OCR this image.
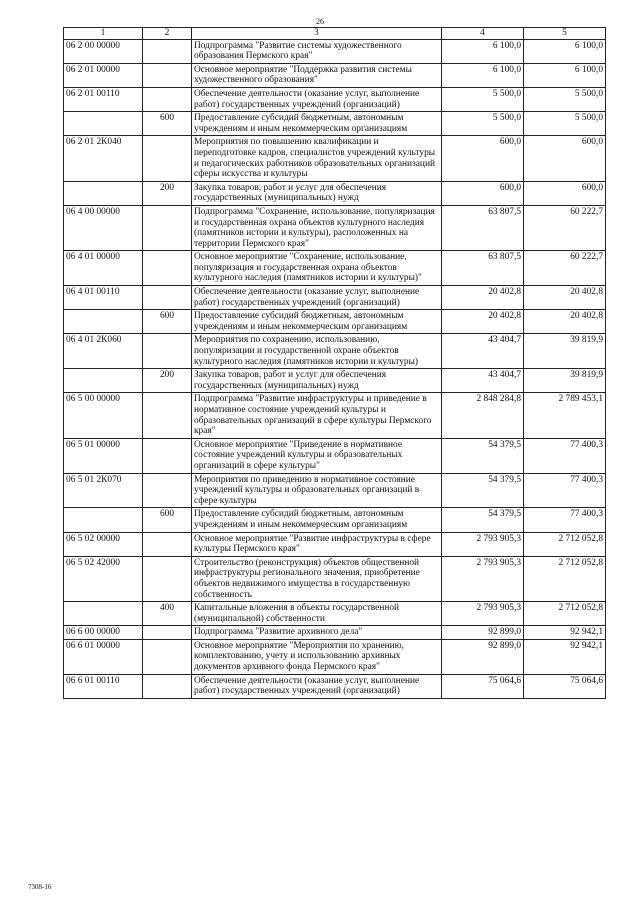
26
1	2	3	4	5
06 2 00 00000		Подпрограмма "Развитие системы художественного образования Пермского края"	6 100,0	6 100,0
06 2 01 00000		Основное мероприятие "Поддержка развития системы художественного образования"	6 100,0	6 100,0
06 2 01 00110		Обеспечение деятельности (оказание услуг, выполнение работ) государственных учреждений (организаций)	5 500,0	5 500,0
	600	Предоставление субсидий бюджетным, автономным учреждениям и иным некоммерческим организациям	5 500,0	5 500,0
06 2 01 2К040		Мероприятия по повышению квалификации и переподготовке кадров, специалистов учреждений культуры и педагогических работников образовательных организаций сферы искусства и культуры	600,0	600,0
	200	Закупка товаров, работ и услуг для обеспечения государственных (муниципальных) нужд	600,0	600,0
06 4 00 00000		Подпрограмма "Сохранение, использование, популяризация и государственная охрана объектов культурного наследия (памятников истории и культуры), расположенных на территории Пермского края"	63 807,5	60 222,7
06 4 01 00000		Основное мероприятие "Сохранение, использование, популяризация и государственная охрана объектов культурного наследия (памятников истории и культуры)"	63 807,5	60 222,7
06 4 01 00110		Обеспечение деятельности (оказание услуг, выполнение работ) государственных учреждений (организаций)	20 402,8	20 402,8
	600	Предоставление субсидий бюджетным, автономным учреждениям и иным некоммерческим организациям	20 402,8	20 402,8
06 4 01 2К060		Мероприятия по сохранению, использованию, популяризации и государственной охране объектов культурного наследия (памятников истории и культуры)	43 404,7	39 819,9
	200	Закупка товаров, работ и услуг для обеспечения государственных (муниципальных) нужд	43 404,7	39 819,9
06 5 00 00000		Подпрограмма "Развитие инфраструктуры и приведение в нормативное состояние учреждений культуры и образовательных организаций в сфере культуры Пермского края"	2 848 284,8	2 789 453,1
06 5 01 00000		Основное мероприятие "Приведение в нормативное состояние учреждений культуры и образовательных организаций в сфере культуры"	54 379,5	77 400,3
06 5 01 2К070		Мероприятия по приведению в нормативное состояние учреждений культуры и образовательных организаций в сфере культуры	54 379,5	77 400,3
	600	Предоставление субсидий бюджетным, автономным учреждениям и иным некоммерческим организациям	54 379,5	77 400,3
06 5 02 00000		Основное мероприятие "Развитие инфраструктуры в сфере культуры Пермского края"	2 793 905,3	2 712 052,8
06 5 02 42000		Строительство (реконструкция) объектов общественной инфраструктуры регионального значения, приобретение объектов недвижимого имущества в государственную собственность	2 793 905,3	2 712 052,8
	400	Капитальные вложения в объекты государственной (муниципальной) собственности	2 793 905,3	2 712 052,8
06 6 00 00000		Подпрограмма "Развитие архивного дела"	92 899,0	92 942,1
06 6 01 00000		Основное мероприятие "Мероприятия по хранению, комплектованию, учету и использованию архивных документов архивного фонда Пермского края"	92 899,0	92 942,1
06 6 01 00110		Обеспечение деятельности (оказание услуг, выполнение работ) государственных учреждений (организаций)	75 064,6	75 064,6
7308-16
